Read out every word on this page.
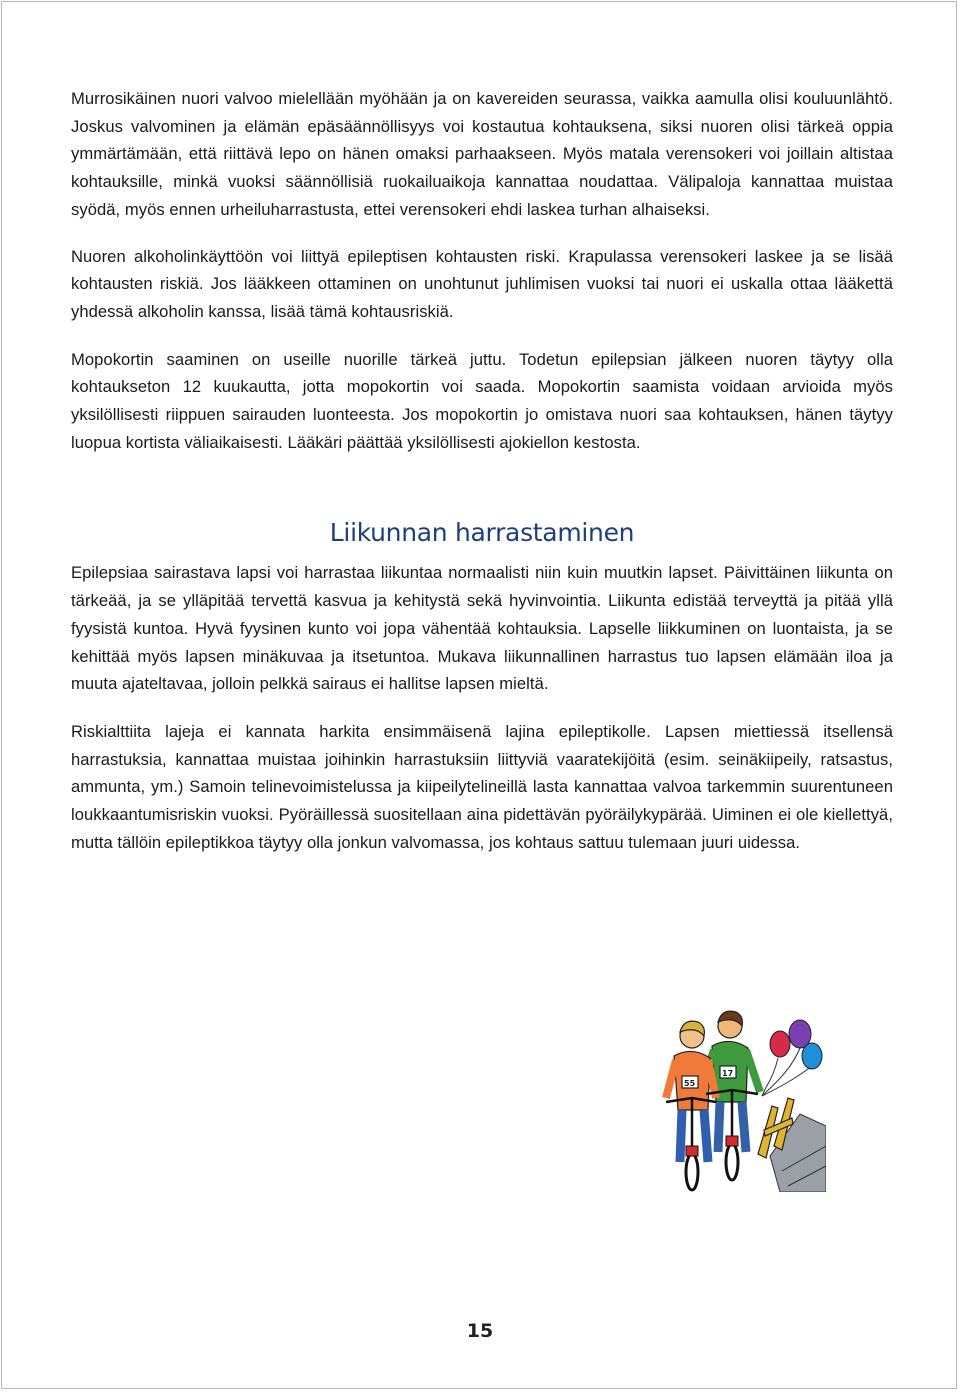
Murrosikäinen nuori valvoo mielellään myöhään ja on kavereiden seurassa, vaikka aamulla olisi kouluunlähtö. Joskus valvominen ja elämän epäsäännöllisyys voi kostautua kohtauksena, siksi nuoren olisi tärkeä oppia ymmärtämään, että riittävä lepo on hänen omaksi parhaakseen. Myös matala verensokeri voi joillain altistaa kohtauksille, minkä vuoksi säännöllisiä ruokailuaikoja kannattaa noudattaa. Välipaloja kannattaa muistaa syödä, myös ennen urheiluharrastusta, ettei verensokeri ehdi laskea turhan alhaiseksi.

Nuoren alkoholinkäyttöön voi liittyä epileptisen kohtausten riski. Krapulassa verensokeri laskee ja se lisää kohtausten riskiä. Jos lääkkeen ottaminen on unohtunut juhlimisen vuoksi tai nuori ei uskalla ottaa lääkettä yhdessä alkoholin kanssa, lisää tämä kohtausriskiä.

Mopokortin saaminen on useille nuorille tärkeä juttu. Todetun epilepsian jälkeen nuoren täytyy olla kohtaukseton 12 kuukautta, jotta mopokortin voi saada. Mopokortin saamista voidaan arvioida myös yksilöllisesti riippuen sairauden luonteesta. Jos mopokortin jo omistava nuori saa kohtauksen, hänen täytyy luopua kortista väliaikaisesti. Lääkäri päättää yksilöllisesti ajokiellon kestosta.

Liikunnan harrastaminen

Epilepsiaa sairastava lapsi voi harrastaa liikuntaa normaalisti niin kuin muutkin lapset. Päivittäinen liikunta on tärkeää, ja se ylläpitää tervettä kasvua ja kehitystä sekä hyvinvointia. Liikunta edistää terveyttä ja pitää yllä fyysistä kuntoa. Hyvä fyysinen kunto voi jopa vähentää kohtauksia. Lapselle liikkuminen on luontaista, ja se kehittää myös lapsen minäkuvaa ja itsetuntoa. Mukava liikunnallinen harrastus tuo lapsen elämään iloa ja muuta ajateltavaa, jolloin pelkkä sairaus ei hallitse lapsen mieltä.

Riskialttiita lajeja ei kannata harkita ensimmäisenä lajina epileptikolle. Lapsen miettiessä itsellensä harrastuksia, kannattaa muistaa joihinkin harrastuksiin liittyviä vaaratekijöitä (esim. seinäkiipeily, ratsastus, ammunta, ym.) Samoin telinevoimistelussa ja kiipeilytelineillä lasta kannattaa valvoa tarkemmin suurentuneen loukkaantumisriskin vuoksi. Pyöräillessä suositellaan aina pidettävän pyöräilykypärää. Uiminen ei ole kiellettyä, mutta tällöin epileptikkoa täytyy olla jonkun valvomassa, jos kohtaus sattuu tulemaan juuri uidessa.

17
55
15
